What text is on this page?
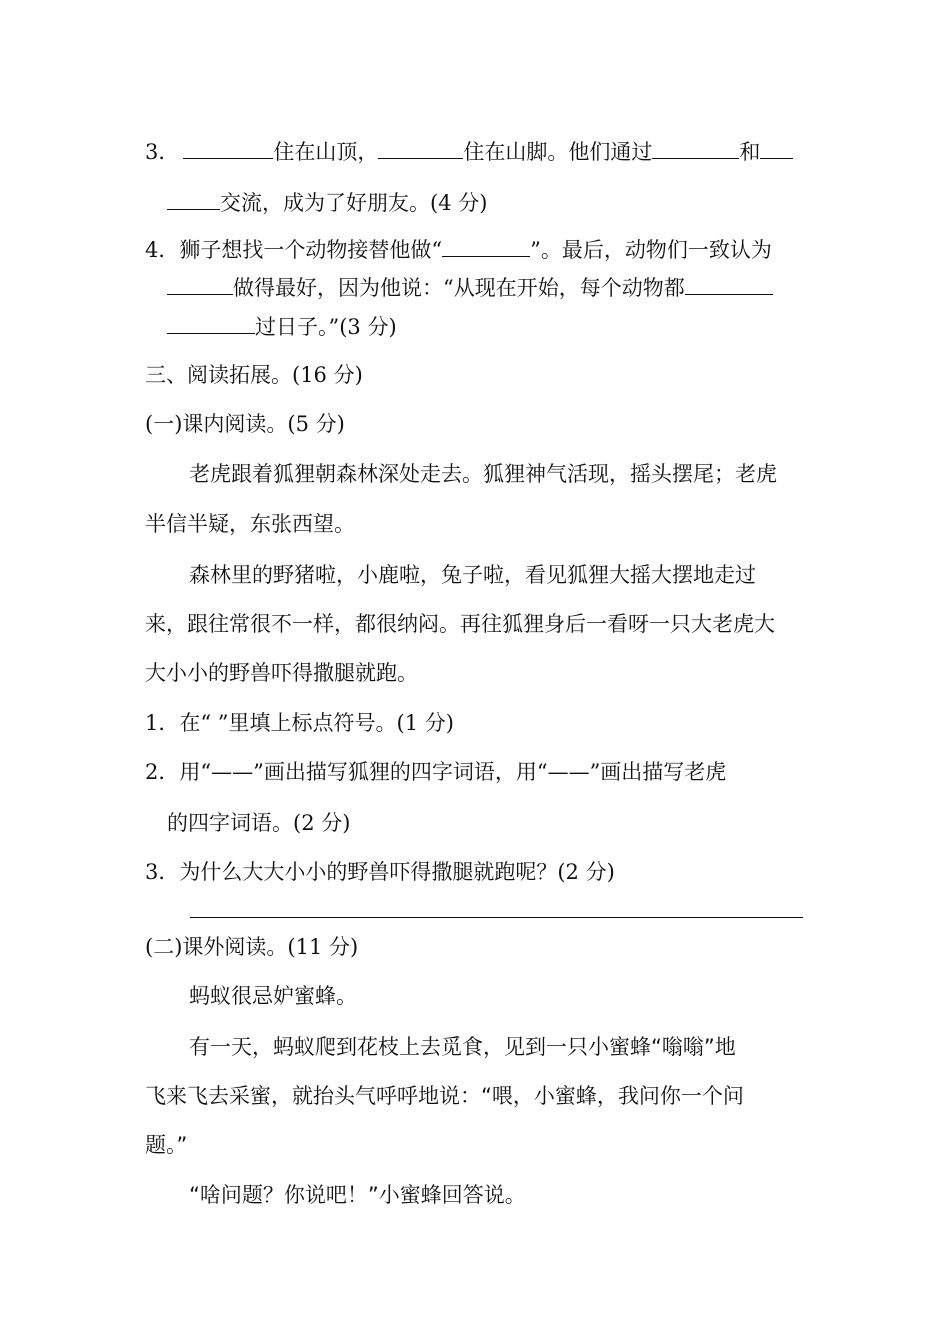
3．	住在山顶，	住在山脚。他们通过	和
交流，成为了好朋友。(4 分)
4．狮子想找一个动物接替他做“	”。最后，动物们一致认为
做得最好，因为他说：“从现在开始，每个动物都
过日子。”(3 分)
三、阅读拓展。(16 分)
(一)课内阅读。(5 分)
老虎跟着狐狸朝森林深处走去。狐狸神气活现，摇头摆尾；老虎
半信半疑，东张西望。
森林里的野猪啦，小鹿啦，兔子啦，看见狐狸大摇大摆地走过
来，跟往常很不一样，都很纳闷。再往狐狸身后一看呀一只大老虎大
大小小的野兽吓得撒腿就跑。
1．在“ ”里填上标点符号。(1 分)
2．用“——”画出描写狐狸的四字词语，用“——”画出描写老虎
的四字词语。(2 分)
3．为什么大大小小的野兽吓得撒腿就跑呢？(2 分)
(二)课外阅读。(11 分)
蚂蚁很忌妒蜜蜂。
有一天，蚂蚁爬到花枝上去觅食，见到一只小蜜蜂“嗡嗡”地
飞来飞去采蜜，就抬头气呼呼地说：“喂，小蜜蜂，我问你一个问
题。”
“啥问题？你说吧！”小蜜蜂回答说。
